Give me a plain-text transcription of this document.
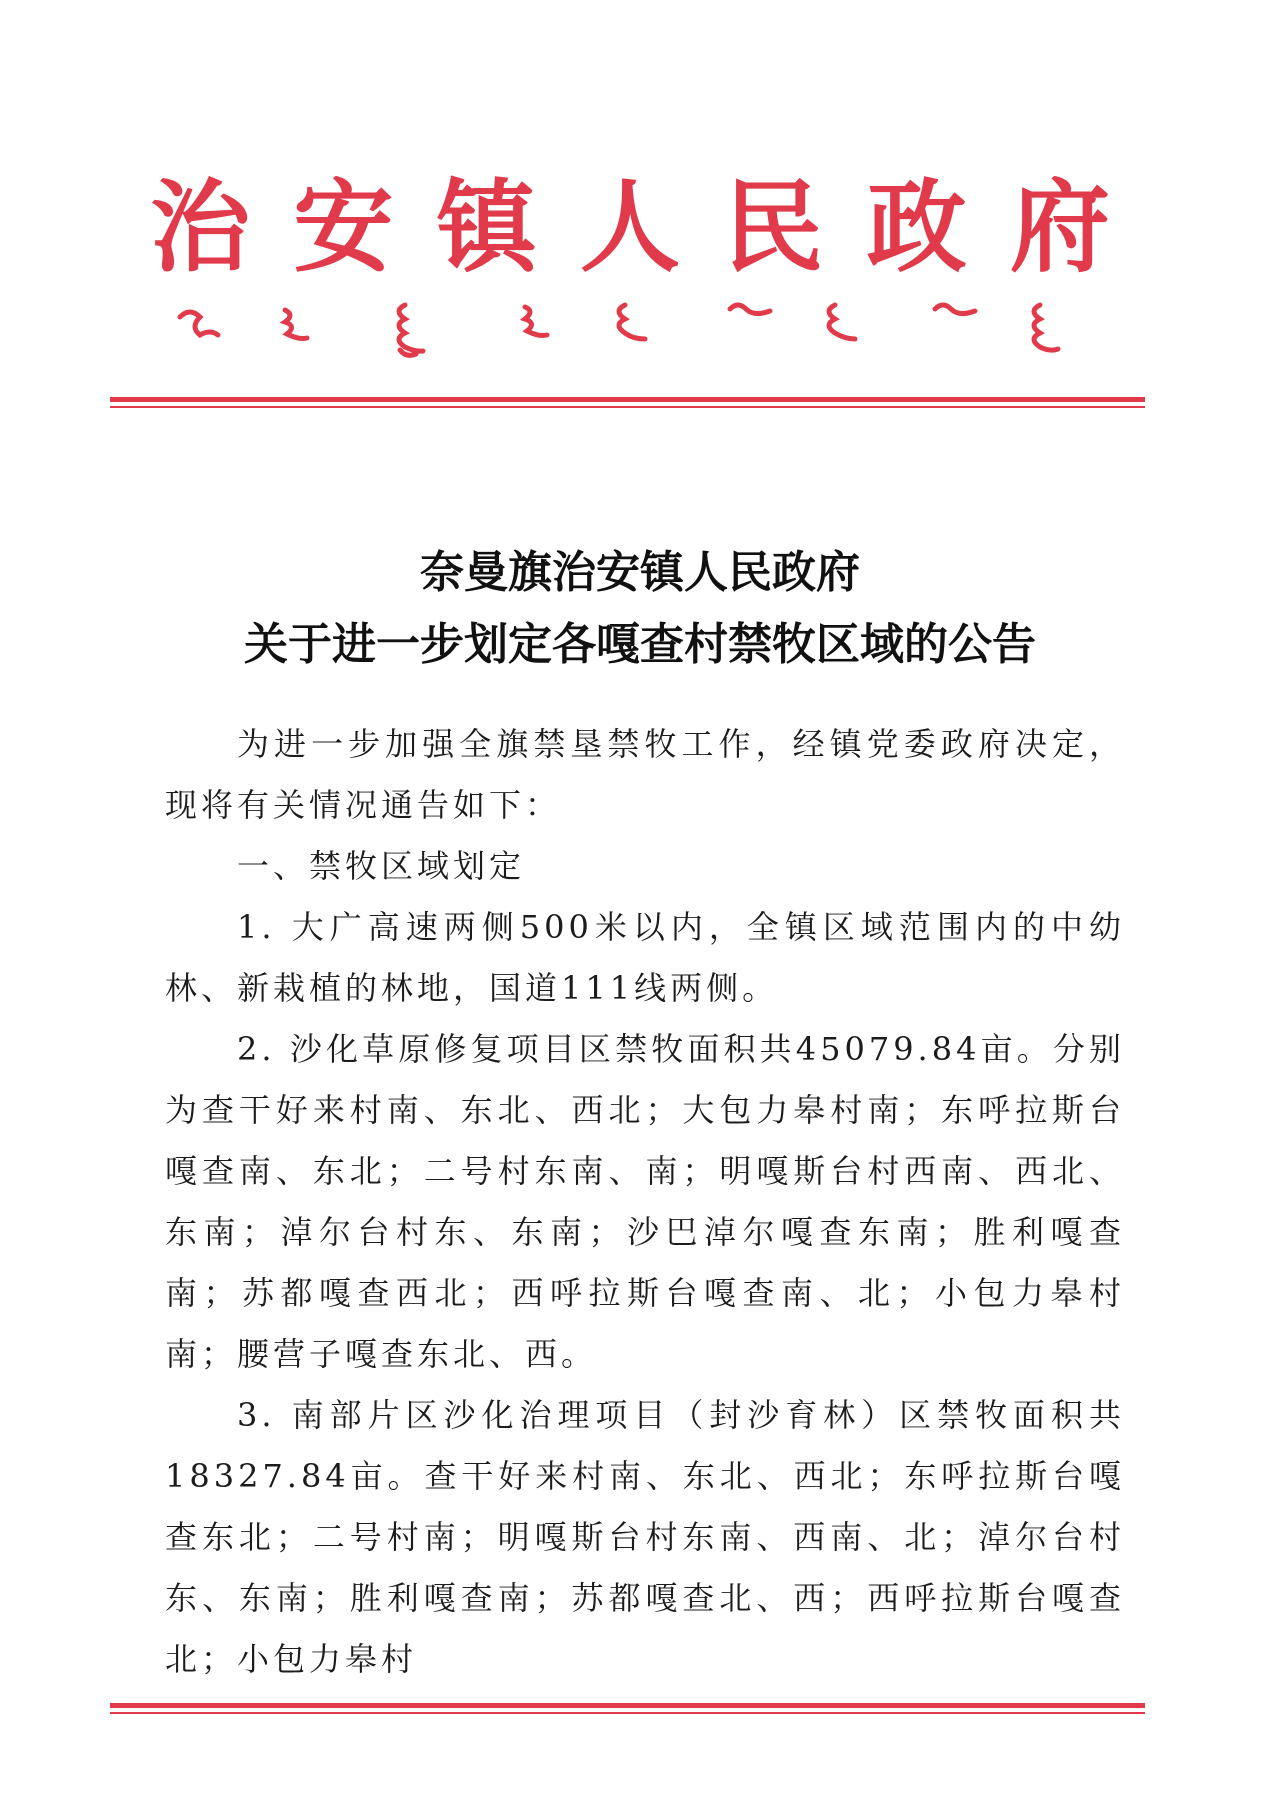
治 安 镇 人 民 政 府
奈曼旗治安镇人民政府
关于进一步划定各嘎查村禁牧区域的公告

为进一步加强全旗禁垦禁牧工作，经镇党委政府决定，现将有关情况通告如下：

一、禁牧区域划定

1. 大广高速两侧500米以内，全镇区域范围内的中幼林、新栽植的林地，国道111线两侧。

2. 沙化草原修复项目区禁牧面积共45079.84亩。分别为查干好来村南、东北、西北；大包力皋村南；东呼拉斯台嘎查南、东北；二号村东南、南；明嘎斯台村西南、西北、东南；淖尔台村东、东南；沙巴淖尔嘎查东南；胜利嘎查南；苏都嘎查西北；西呼拉斯台嘎查南、北；小包力皋村南；腰营子嘎查东北、西。

3. 南部片区沙化治理项目（封沙育林）区禁牧面积共18327.84亩。查干好来村南、东北、西北；东呼拉斯台嘎查东北；二号村南；明嘎斯台村东南、西南、北；淖尔台村东、东南；胜利嘎查南；苏都嘎查北、西；西呼拉斯台嘎查北；小包力皋村
